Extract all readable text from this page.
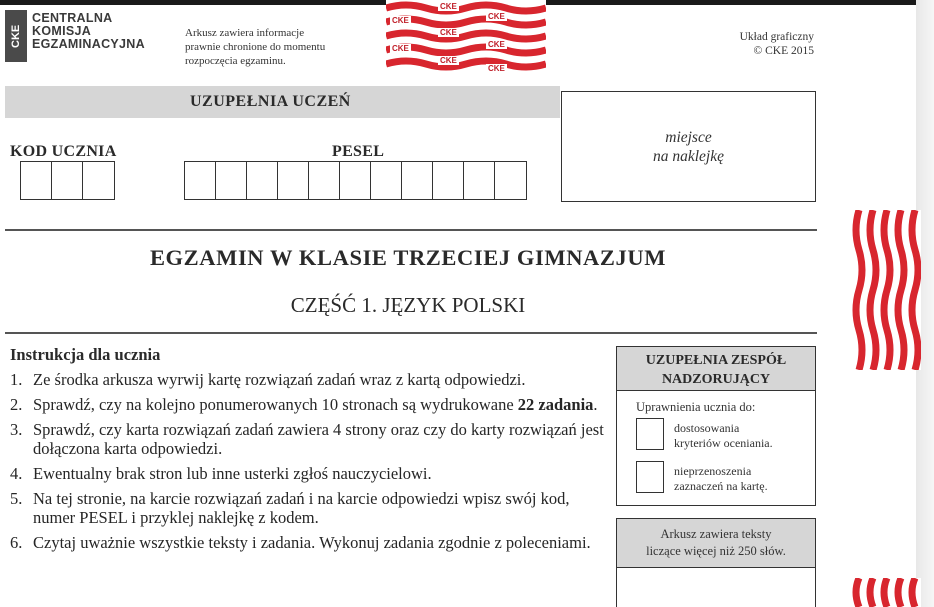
CKE
CENTRALNA
KOMISJA
EGZAMINACYJNA
Arkusz zawiera informacje
prawnie chronione do momentu
rozpoczęcia egzaminu.
CKE
CKE
CKE
CKE
CKE
CKE
CKE
CKE
Układ graficzny
© CKE 2015
UZUPEŁNIA UCZEŃ
miejsce
na naklejkę
KOD UCZNIA	PESEL
EGZAMIN W KLASIE TRZECIEJ GIMNAZJUM
CZĘŚĆ 1. JĘZYK POLSKI
Instrukcja dla ucznia
1. Ze środka arkusza wyrwij kartę rozwiązań zadań wraz z kartą odpowiedzi.
2. Sprawdź, czy na kolejno ponumerowanych 10 stronach są wydrukowane 22 zadania.
3. Sprawdź, czy karta rozwiązań zadań zawiera 4 strony oraz czy do karty rozwiązań jest dołączona karta odpowiedzi.
4. Ewentualny brak stron lub inne usterki zgłoś nauczycielowi.
5. Na tej stronie, na karcie rozwiązań zadań i na karcie odpowiedzi wpisz swój kod, numer PESEL i przyklej naklejkę z kodem.
6. Czytaj uważnie wszystkie teksty i zadania. Wykonuj zadania zgodnie z poleceniami.
UZUPEŁNIA ZESPÓŁ
NADZORUJĄCY
Uprawnienia ucznia do:
dostosowania
kryteriów oceniania.
nieprzenoszenia
zaznaczeń na kartę.
Arkusz zawiera teksty
liczące więcej niż 250 słów.
